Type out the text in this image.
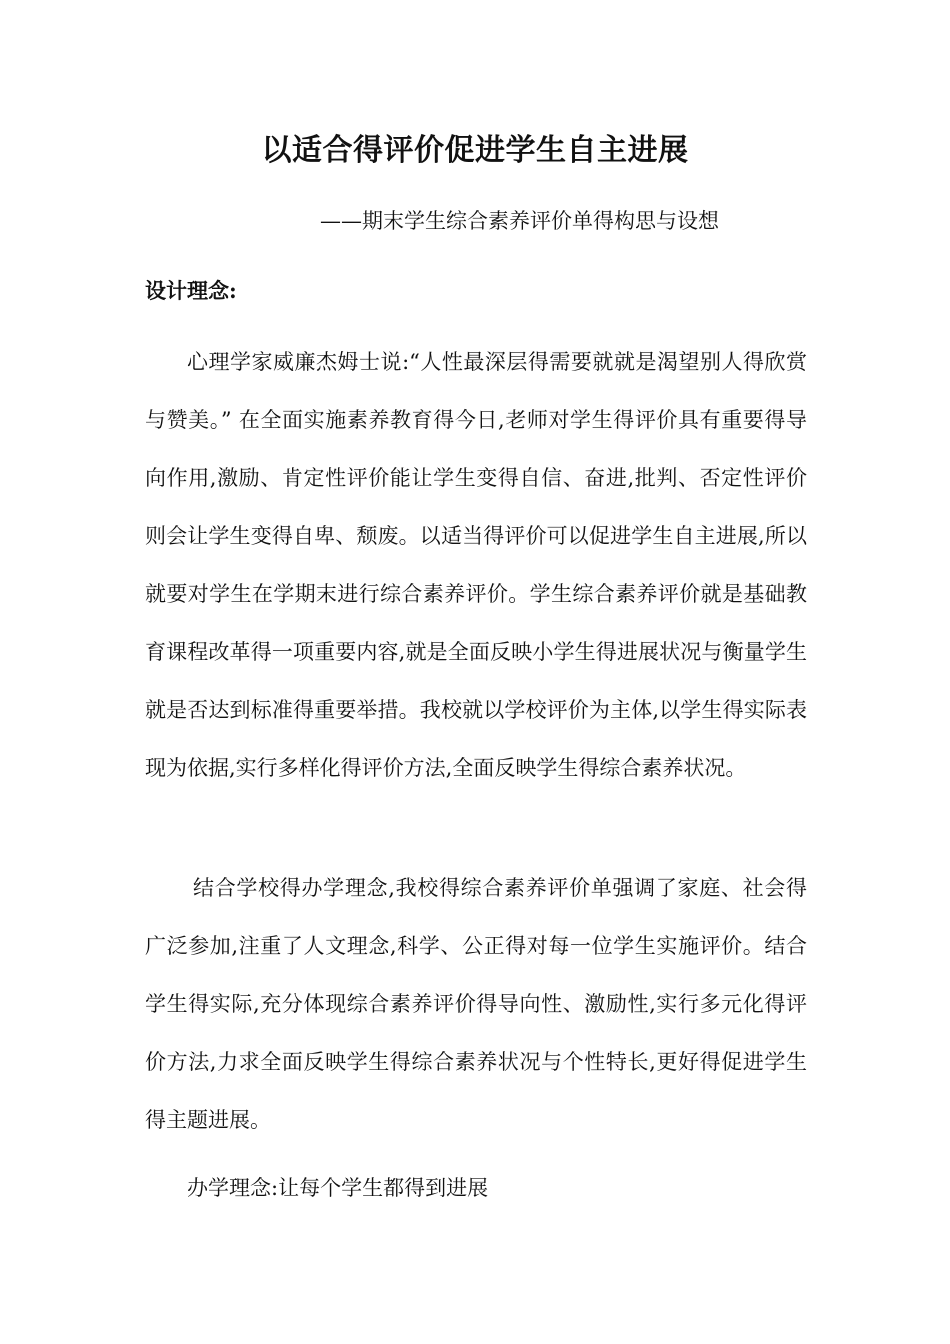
以适合得评价促进学生自主进展

——期末学生综合素养评价单得构思与设想

设计理念:

心理学家威廉杰姆士说:“人性最深层得需要就就是渴望别人得欣赏与赞美。” 在全面实施素养教育得今日,老师对学生得评价具有重要得导向作用,激励、肯定性评价能让学生变得自信、奋进,批判、否定性评价则会让学生变得自卑、颓废。以适当得评价可以促进学生自主进展,所以就要对学生在学期末进行综合素养评价。学生综合素养评价就是基础教育课程改革得一项重要内容,就是全面反映小学生得进展状况与衡量学生就是否达到标准得重要举措。我校就以学校评价为主体,以学生得实际表现为依据,实行多样化得评价方法,全面反映学生得综合素养状况。

结合学校得办学理念,我校得综合素养评价单强调了家庭、社会得广泛参加,注重了人文理念,科学、公正得对每一位学生实施评价。结合学生得实际,充分体现综合素养评价得导向性、激励性,实行多元化得评价方法,力求全面反映学生得综合素养状况与个性特长,更好得促进学生得主题进展。

办学理念:让每个学生都得到进展
